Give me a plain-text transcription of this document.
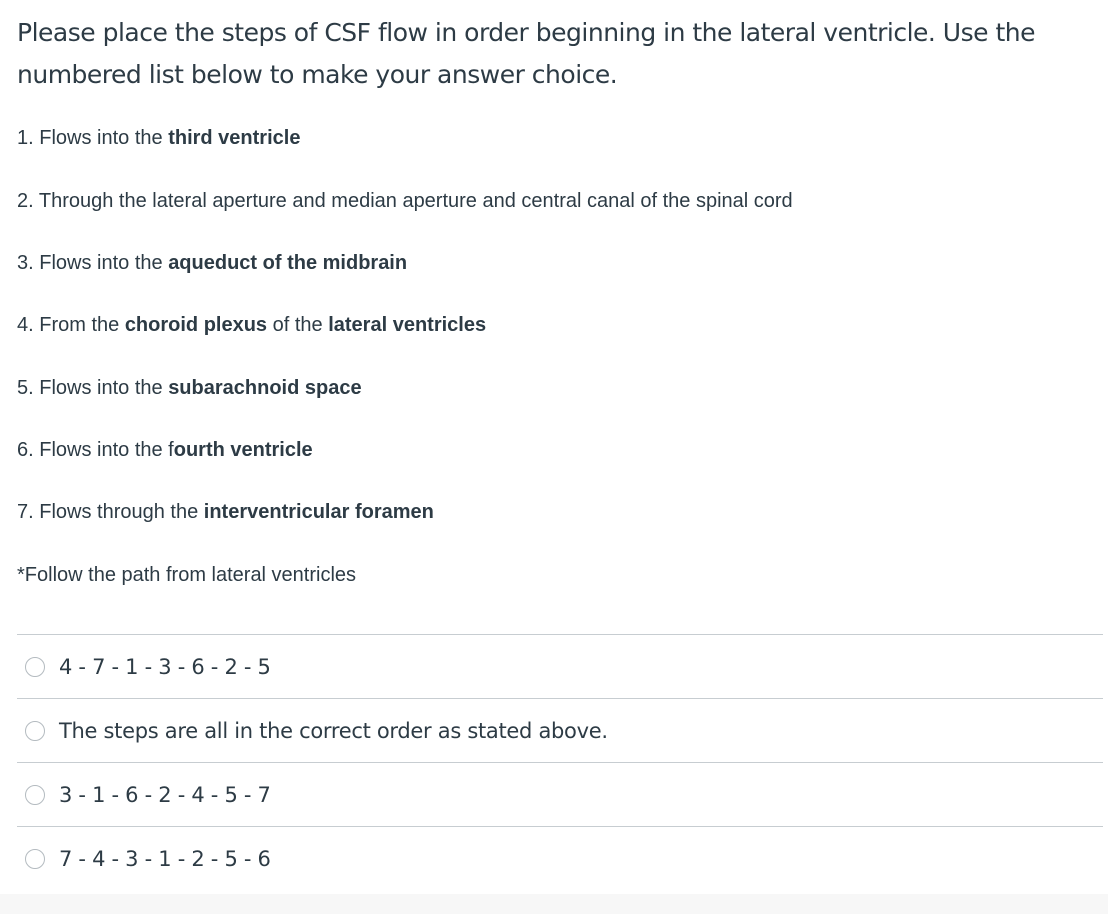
Please place the steps of CSF flow in order beginning in the lateral ventricle. Use the numbered list below to make your answer choice.

1. Flows into the third ventricle
2. Through the lateral aperture and median aperture and central canal of the spinal cord
3. Flows into the aqueduct of the midbrain
4. From the choroid plexus of the lateral ventricles
5. Flows into the subarachnoid space
6. Flows into the fourth ventricle
7. Flows through the interventricular foramen
*Follow the path from lateral ventricles
4 - 7 - 1 - 3 - 6 - 2 - 5
The steps are all in the correct order as stated above.
3 - 1 - 6 - 2 - 4 - 5 - 7
7 - 4 - 3 - 1 - 2 - 5 - 6
